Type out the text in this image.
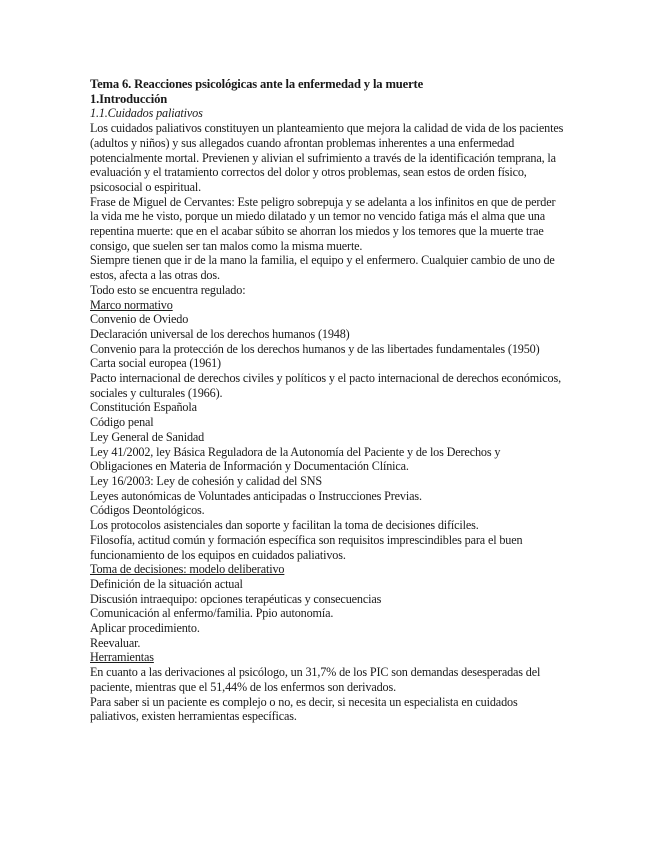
Tema 6. Reacciones psicológicas ante la enfermedad y la muerte
1.Introducción
1.1.Cuidados paliativos

Los cuidados paliativos constituyen un planteamiento que mejora la calidad de vida de los pacientes (adultos y niños) y sus allegados cuando afrontan problemas inherentes a una enfermedad potencialmente mortal. Previenen y alivian el sufrimiento a través de la identificación temprana, la evaluación y el tratamiento correctos del dolor y otros problemas, sean estos de orden físico, psicosocial o espiritual.

Frase de Miguel de Cervantes: Este peligro sobrepuja y se adelanta a los infinitos en que de perder la vida me he visto, porque un miedo dilatado y un temor no vencido fatiga más el alma que una repentina muerte: que en el acabar súbito se ahorran los miedos y los temores que la muerte trae consigo, que suelen ser tan malos como la misma muerte.

Siempre tienen que ir de la mano la familia, el equipo y el enfermero. Cualquier cambio de uno de estos, afecta a las otras dos.

Todo esto se encuentra regulado:

Marco normativo
Convenio de Oviedo
Declaración universal de los derechos humanos (1948)
Convenio para la protección de los derechos humanos y de las libertades fundamentales (1950)
Carta social europea (1961)
Pacto internacional de derechos civiles y políticos y el pacto internacional de derechos económicos, sociales y culturales (1966).
Constitución Española
Código penal
Ley General de Sanidad
Ley 41/2002, ley Básica Reguladora de la Autonomía del Paciente y de los Derechos y Obligaciones en Materia de Información y Documentación Clínica.
Ley 16/2003: Ley de cohesión y calidad del SNS
Leyes autonómicas de Voluntades anticipadas o Instrucciones Previas.
Códigos Deontológicos.
Los protocolos asistenciales dan soporte y facilitan la toma de decisiones difíciles.
Filosofía, actitud común y formación específica son requisitos imprescindibles para el buen funcionamiento de los equipos en cuidados paliativos.
Toma de decisiones: modelo deliberativo
Definición de la situación actual
Discusión intraequipo: opciones terapéuticas y consecuencias
Comunicación al enfermo/familia. Ppio autonomía.
Aplicar procedimiento.
Reevaluar.
Herramientas

En cuanto a las derivaciones al psicólogo, un 31,7% de los PIC son demandas desesperadas del paciente, mientras que el 51,44% de los enfermos son derivados.

Para saber si un paciente es complejo o no, es decir, si necesita un especialista en cuidados paliativos, existen herramientas específicas.
